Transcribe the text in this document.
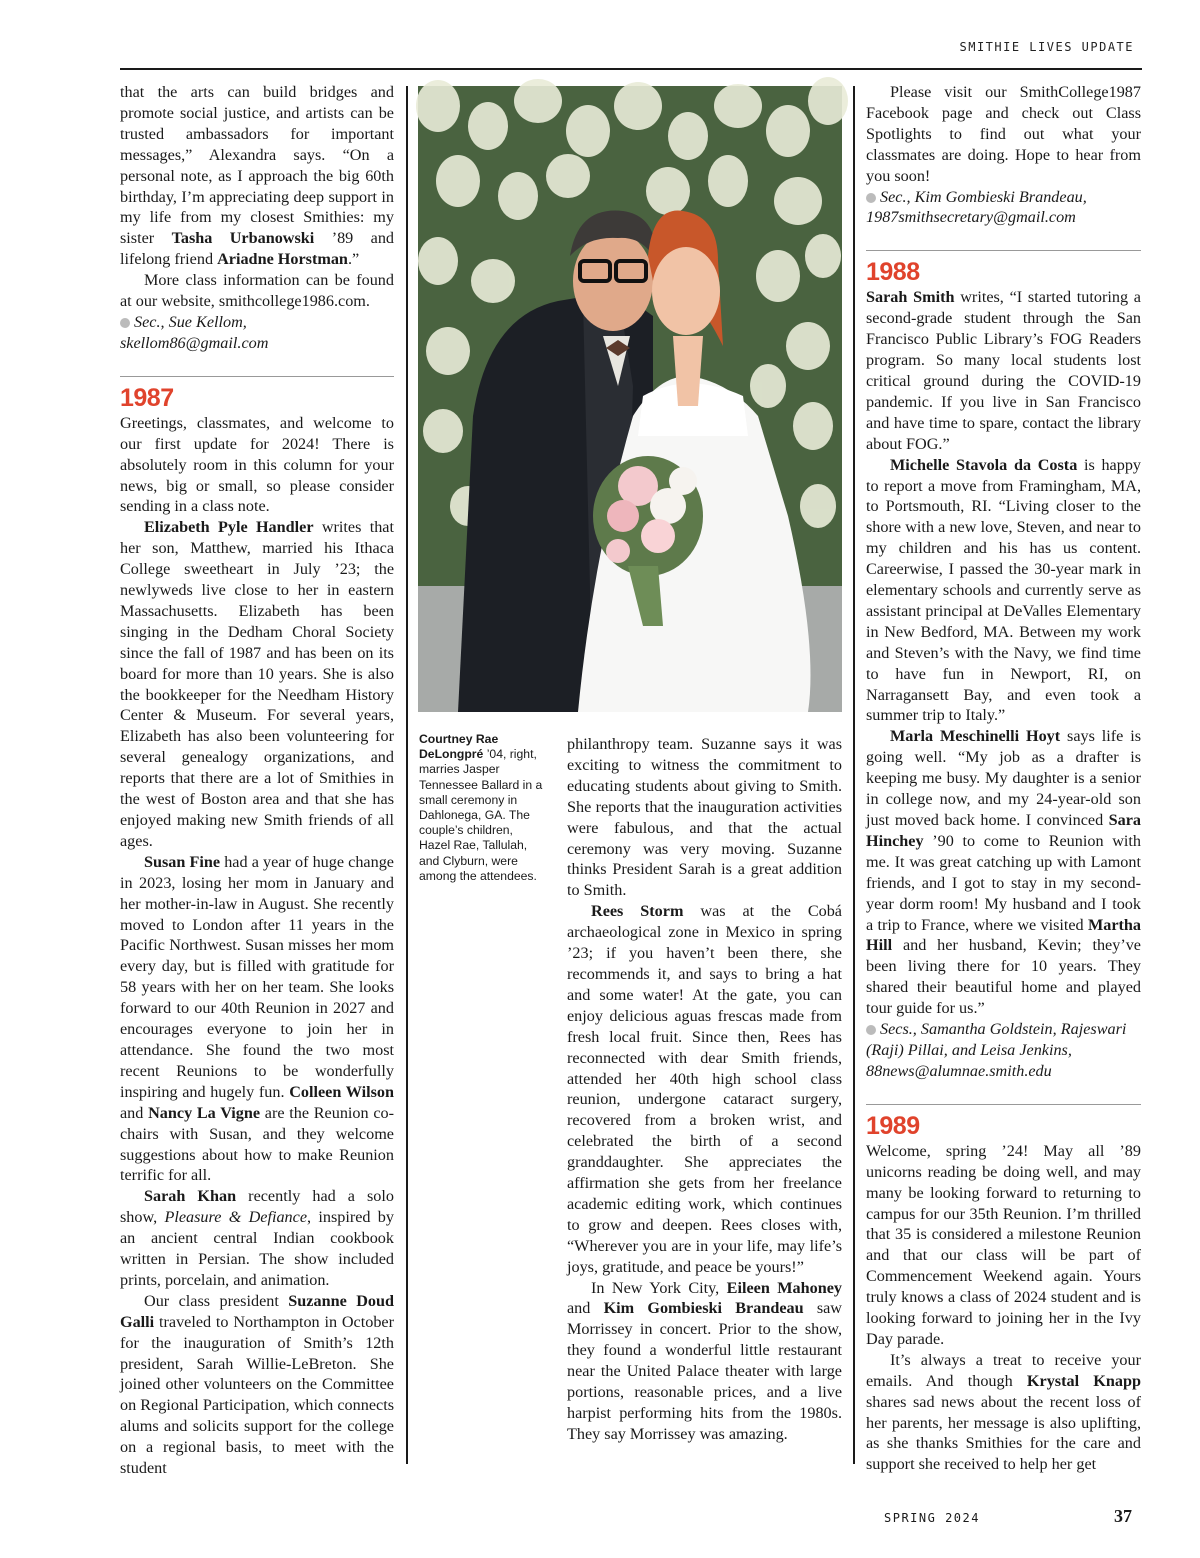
SMITHIE LIVES UPDATE

that the arts can build bridges and promote social justice, and artists can be trusted ambassadors for important messages,” Alexandra says. “On a personal note, as I approach the big 60th birthday, I’m appreciating deep support in my life from my closest Smithies: my sister Tasha Urbanowski ’89 and lifelong friend Ariadne Horstman.”

More class information can be found at our website, smithcollege1986.com.

Sec., Sue Kellom, skellom86@gmail.com

1987

Greetings, classmates, and welcome to our first update for 2024! There is absolutely room in this column for your news, big or small, so please consider sending in a class note.

Elizabeth Pyle Handler writes that her son, Matthew, married his Ithaca College sweetheart in July ’23; the newlyweds live close to her in eastern Massachusetts. Elizabeth has been singing in the Dedham Choral Society since the fall of 1987 and has been on its board for more than 10 years. She is also the bookkeeper for the Needham History Center & Museum. For several years, Elizabeth has also been volunteering for several genealogy organizations, and reports that there are a lot of Smithies in the west of Boston area and that she has enjoyed making new Smith friends of all ages.

Susan Fine had a year of huge change in 2023, losing her mom in January and her mother-in-law in August. She recently moved to London after 11 years in the Pacific Northwest. Susan misses her mom every day, but is filled with gratitude for 58 years with her on her team. She looks forward to our 40th Reunion in 2027 and encourages everyone to join her in attendance. She found the two most recent Reunions to be wonderfully inspiring and hugely fun. Colleen Wilson and Nancy La Vigne are the Reunion co-chairs with Susan, and they welcome suggestions about how to make Reunion terrific for all.

Sarah Khan recently had a solo show, Pleasure & Defiance, inspired by an ancient central Indian cookbook written in Persian. The show included prints, porcelain, and animation.

Our class president Suzanne Doud Galli traveled to Northampton in October for the inauguration of Smith’s 12th president, Sarah Willie-LeBreton. She joined other volunteers on the Committee on Regional Participation, which connects alums and solicits support for the college on a regional basis, to meet with the student

Courtney Rae DeLongpré ’04, right, marries Jasper Tennessee Ballard in a small ceremony in Dahlonega, GA. The couple’s children, Hazel Rae, Tallulah, and Clyburn, were among the attendees.

philanthropy team. Suzanne says it was exciting to witness the commitment to educating students about giving to Smith. She reports that the inauguration activities were fabulous, and that the actual ceremony was very moving. Suzanne thinks President Sarah is a great addition to Smith.

Rees Storm was at the Cobá archaeological zone in Mexico in spring ’23; if you haven’t been there, she recommends it, and says to bring a hat and some water! At the gate, you can enjoy delicious aguas frescas made from fresh local fruit. Since then, Rees has reconnected with dear Smith friends, attended her 40th high school class reunion, undergone cataract surgery, recovered from a broken wrist, and celebrated the birth of a second granddaughter. She appreciates the affirmation she gets from her freelance academic editing work, which continues to grow and deepen. Rees closes with, “Wherever you are in your life, may life’s joys, gratitude, and peace be yours!”

In New York City, Eileen Mahoney and Kim Gombieski Brandeau saw Morrissey in concert. Prior to the show, they found a wonderful little restaurant near the United Palace theater with large portions, reasonable prices, and a live harpist performing hits from the 1980s. They say Morrissey was amazing.

Please visit our SmithCollege1987 Facebook page and check out Class Spotlights to find out what your classmates are doing. Hope to hear from you soon!

Sec., Kim Gombieski Brandeau, 1987smithsecretary@gmail.com

1988

Sarah Smith writes, “I started tutoring a second-grade student through the San Francisco Public Library’s FOG Readers program. So many local students lost critical ground during the COVID-19 pandemic. If you live in San Francisco and have time to spare, contact the library about FOG.”

Michelle Stavola da Costa is happy to report a move from Framingham, MA, to Portsmouth, RI. “Living closer to the shore with a new love, Steven, and near to my children and his has us content. Careerwise, I passed the 30-year mark in elementary schools and currently serve as assistant principal at DeValles Elementary in New Bedford, MA. Between my work and Steven’s with the Navy, we find time to have fun in Newport, RI, on Narragansett Bay, and even took a summer trip to Italy.”

Marla Meschinelli Hoyt says life is going well. “My job as a drafter is keeping me busy. My daughter is a senior in college now, and my 24-year-old son just moved back home. I convinced Sara Hinchey ’90 to come to Reunion with me. It was great catching up with Lamont friends, and I got to stay in my second-year dorm room! My husband and I took a trip to France, where we visited Martha Hill and her husband, Kevin; they’ve been living there for 10 years. They shared their beautiful home and played tour guide for us.”

Secs., Samantha Goldstein, Rajeswari (Raji) Pillai, and Leisa Jenkins, 88news@alumnae.smith.edu

1989

Welcome, spring ’24! May all ’89 unicorns reading be doing well, and may many be looking forward to returning to campus for our 35th Reunion. I’m thrilled that 35 is considered a milestone Reunion and that our class will be part of Commencement Weekend again. Yours truly knows a class of 2024 student and is looking forward to joining her in the Ivy Day parade.

It’s always a treat to receive your emails. And though Krystal Knapp shares sad news about the recent loss of her parents, her message is also uplifting, as she thanks Smithies for the care and support she received to help her get

SPRING 2024	37
